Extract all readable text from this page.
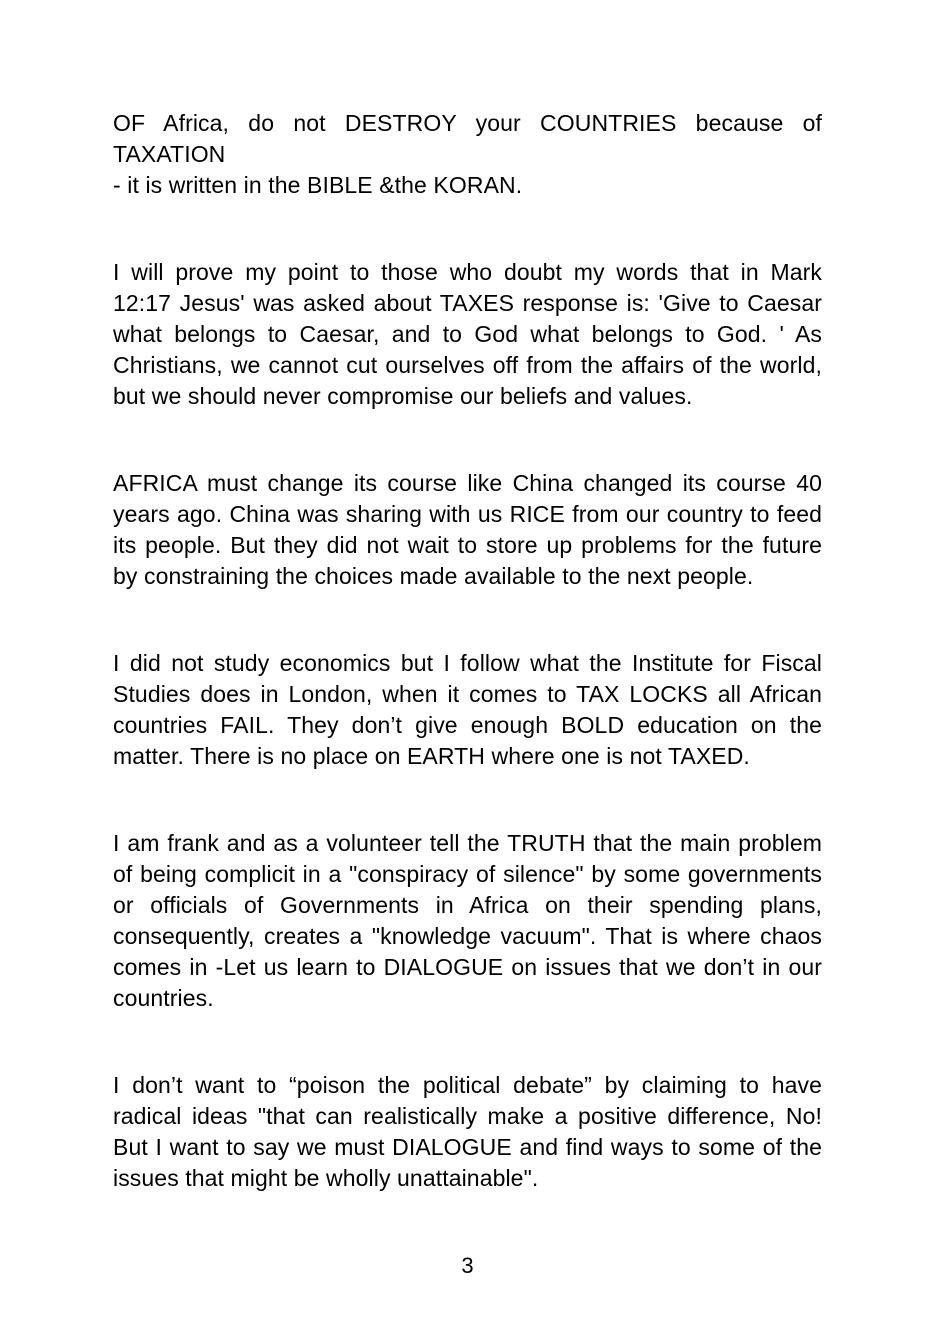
OF Africa, do not DESTROY your COUNTRIES because of TAXATION
- it is written in the BIBLE &the KORAN.
I will prove my point to those who doubt my words that in Mark
12:17 Jesus' was asked about TAXES response is: 'Give to Caesar
what belongs to Caesar, and to God what belongs to God. ' As
Christians, we cannot cut ourselves off from the affairs of the world,
but we should never compromise our beliefs and values.
AFRICA must change its course like China changed its course 40
years ago. China was sharing with us RICE from our country to feed
its people. But they did not wait to store up problems for the future
by constraining the choices made available to the next people.
I did not study economics but I follow what the Institute for Fiscal
Studies does in London, when it comes to TAX LOCKS all African
countries FAIL. They don’t give enough BOLD education on the
matter. There is no place on EARTH where one is not TAXED.
I am frank and as a volunteer tell the TRUTH that the main problem
of being complicit in a "conspiracy of silence" by some governments
or officials of Governments in Africa on their spending plans,
consequently, creates a "knowledge vacuum". That is where chaos
comes in -Let us learn to DIALOGUE on issues that we don’t in our
countries.
I don’t want to “poison the political debate” by claiming to have
radical ideas "that can realistically make a positive difference, No!
But I want to say we must DIALOGUE and find ways to some of the
issues that might be wholly unattainable".
3
